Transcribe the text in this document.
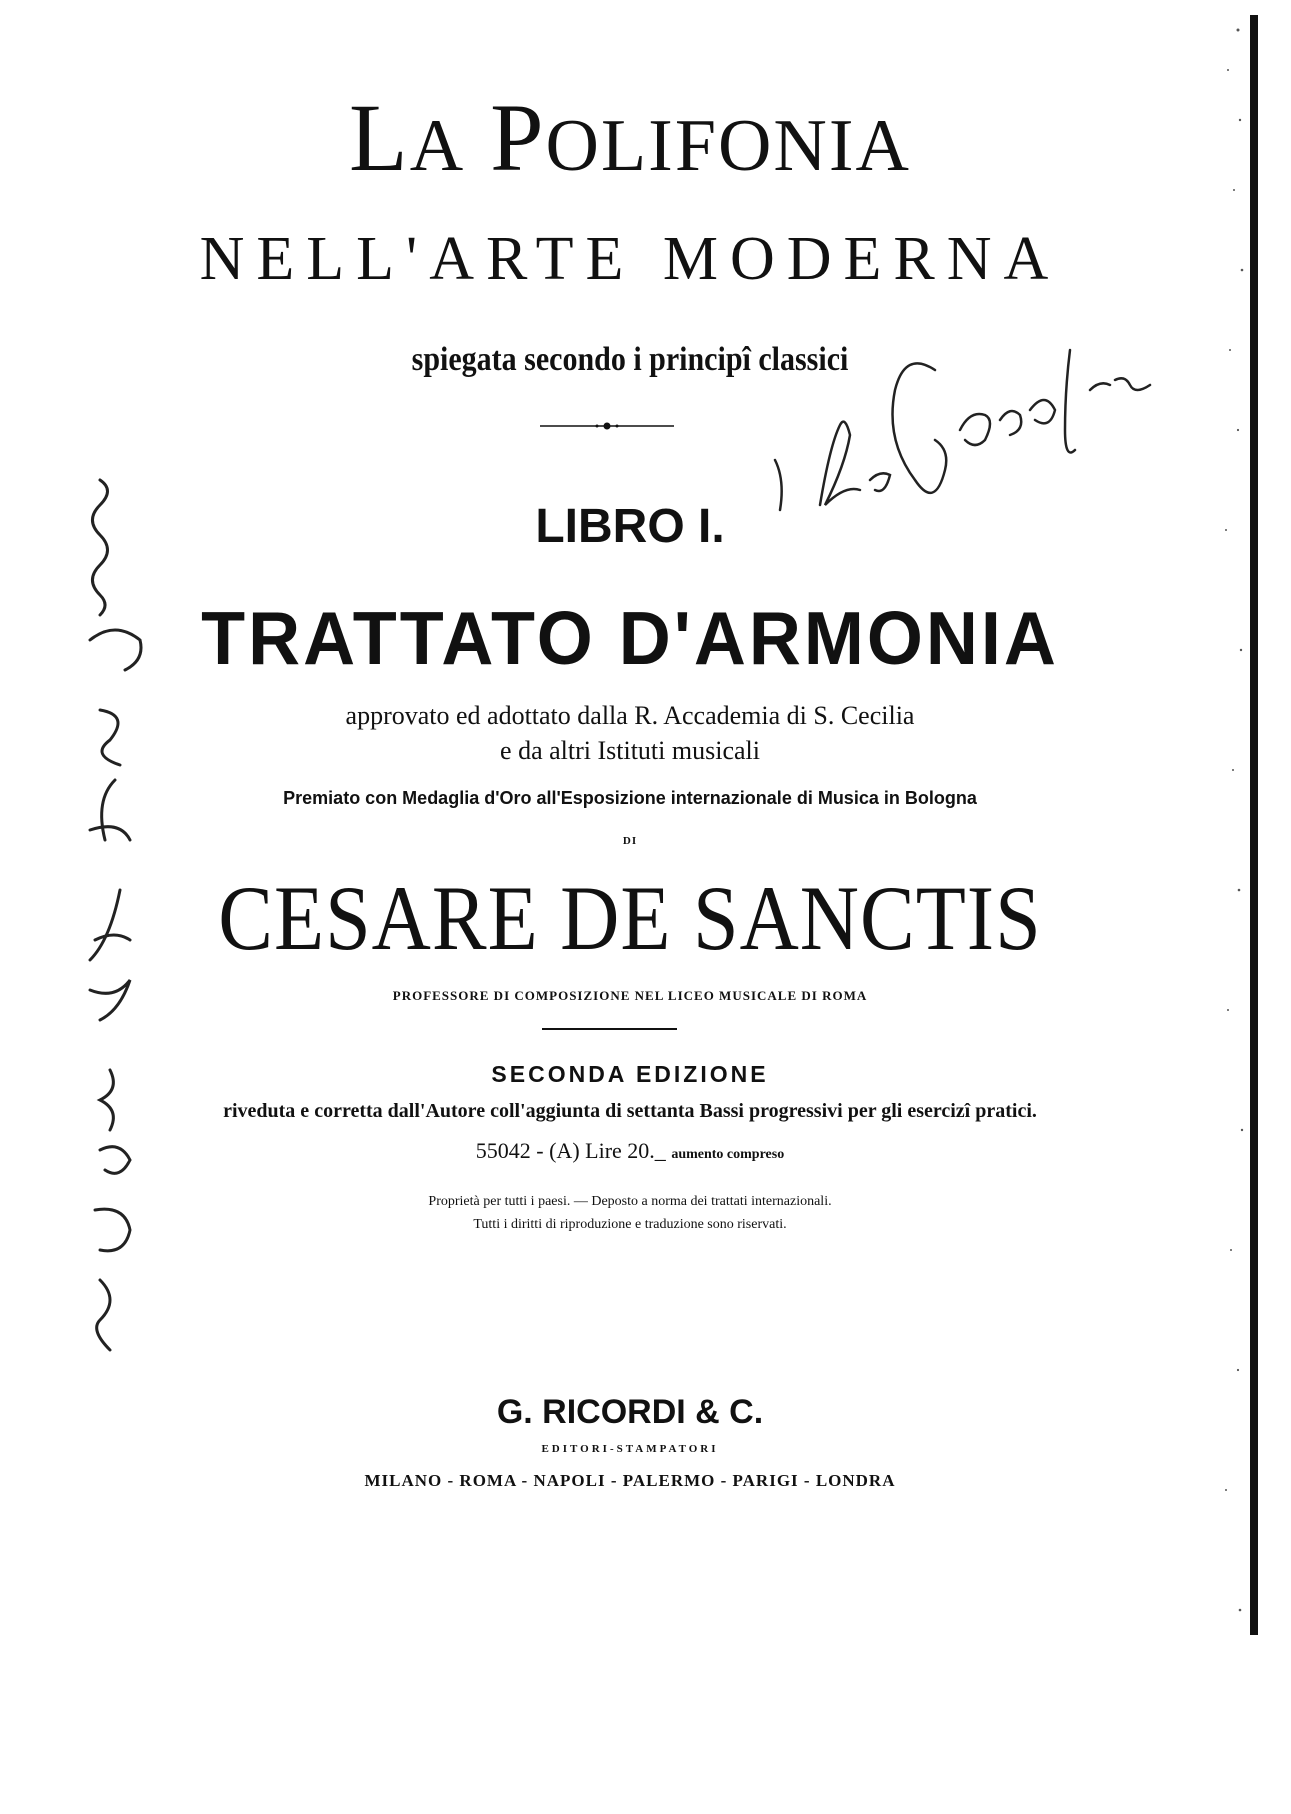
LA POLIFONIA
NELL'ARTE MODERNA
spiegata secondo i principî classici
LIBRO I.
TRATTATO D'ARMONIA
approvato ed adottato dalla R. Accademia di S. Cecilia
e da altri Istituti musicali
Premiato con Medaglia d'Oro all'Esposizione internazionale di Musica in Bologna
DI
CESARE DE SANCTIS
PROFESSORE DI COMPOSIZIONE NEL LICEO MUSICALE DI ROMA
SECONDA EDIZIONE
riveduta e corretta dall'Autore coll'aggiunta di settanta Bassi progressivi per gli esercizî pratici.
55042 - (A) Lire 20._ aumento compreso
Proprietà per tutti i paesi. — Deposto a norma dei trattati internazionali.
Tutti i diritti di riproduzione e traduzione sono riservati.
G. RICORDI & C.
EDITORI-STAMPATORI
MILANO - ROMA - NAPOLI - PALERMO - PARIGI - LONDRA
